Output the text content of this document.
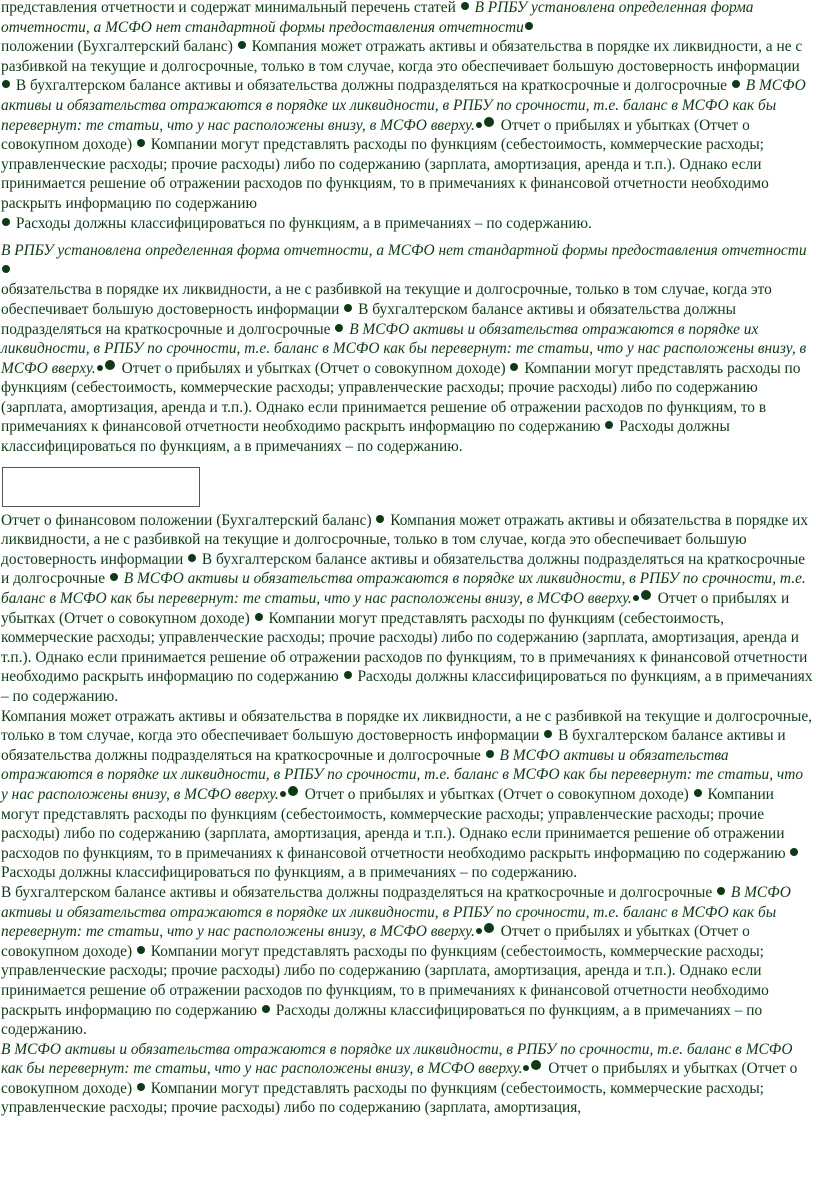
представления отчетности и содержат минимальный перечень статей  В РПБУ установлена определенная форма отчетности, а МСФО нет стандартной формы предоставления отчетности
положении (Бухгалтерский баланс)  Компания может отражать активы и обязательства в порядке их ликвидности, а не с разбивкой на текущие и долгосрочные, только в том случае, когда это обеспечивает большую достоверность информации  В бухгалтерском балансе активы и обязательства должны подразделяться на краткосрочные и долгосрочные  В МСФО активы и обязательства отражаются в порядке их ликвидности, в РПБУ по срочности, т.е. баланс в МСФО как бы перевернут: те статьи, что у нас расположены внизу, в МСФО вверху. Отчет о прибылях и убытках (Отчет о совокупном доходе)  Компании могут представлять расходы по функциям (себестоимость, коммерческие расходы; управленческие расходы; прочие расходы) либо по содержанию (зарплата, амортизация, аренда и т.п.). Однако если принимается решение об отражении расходов по функциям, то в примечаниях к финансовой отчетности необходимо раскрыть информацию по содержанию
Расходы должны классифицироваться по функциям, а в примечаниях – по содержанию.

В РПБУ установлена определенная форма отчетности, а МСФО нет стандартной формы предоставления отчетности
обязательства в порядке их ликвидности, а не с разбивкой на текущие и долгосрочные, только в том случае, когда это обеспечивает большую достоверность информации  В бухгалтерском балансе активы и обязательства должны подразделяться на краткосрочные и долгосрочные  В МСФО активы и обязательства отражаются в порядке их ликвидности, в РПБУ по срочности, т.е. баланс в МСФО как бы перевернут: те статьи, что у нас расположены внизу, в МСФО вверху. Отчет о прибылях и убытках (Отчет о совокупном доходе)  Компании могут представлять расходы по функциям (себестоимость, коммерческие расходы; управленческие расходы; прочие расходы) либо по содержанию (зарплата, амортизация, аренда и т.п.). Однако если принимается решение об отражении расходов по функциям, то в примечаниях к финансовой отчетности необходимо раскрыть информацию по содержанию  Расходы должны классифицироваться по функциям, а в примечаниях – по содержанию.

Отчет о финансовом положении (Бухгалтерский баланс)  Компания может отражать активы и обязательства в порядке их ликвидности, а не с разбивкой на текущие и долгосрочные, только в том случае, когда это обеспечивает большую достоверность информации  В бухгалтерском балансе активы и обязательства должны подразделяться на краткосрочные и долгосрочные  В МСФО активы и обязательства отражаются в порядке их ликвидности, в РПБУ по срочности, т.е. баланс в МСФО как бы перевернут: те статьи, что у нас расположены внизу, в МСФО вверху. Отчет о прибылях и убытках (Отчет о совокупном доходе)  Компании могут представлять расходы по функциям (себестоимость, коммерческие расходы; управленческие расходы; прочие расходы) либо по содержанию (зарплата, амортизация, аренда и т.п.). Однако если принимается решение об отражении расходов по функциям, то в примечаниях к финансовой отчетности необходимо раскрыть информацию по содержанию  Расходы должны классифицироваться по функциям, а в примечаниях – по содержанию.

Компания может отражать активы и обязательства в порядке их ликвидности, а не с разбивкой на текущие и долгосрочные, только в том случае, когда это обеспечивает большую достоверность информации  В бухгалтерском балансе активы и обязательства должны подразделяться на краткосрочные и долгосрочные  В МСФО активы и обязательства отражаются в порядке их ликвидности, в РПБУ по срочности, т.е. баланс в МСФО как бы перевернут: те статьи, что у нас расположены внизу, в МСФО вверху. Отчет о прибылях и убытках (Отчет о совокупном доходе)  Компании могут представлять расходы по функциям (себестоимость, коммерческие расходы; управленческие расходы; прочие расходы) либо по содержанию (зарплата, амортизация, аренда и т.п.). Однако если принимается решение об отражении расходов по функциям, то в примечаниях к финансовой отчетности необходимо раскрыть информацию по содержанию  Расходы должны классифицироваться по функциям, а в примечаниях – по содержанию.

В бухгалтерском балансе активы и обязательства должны подразделяться на краткосрочные и долгосрочные  В МСФО активы и обязательства отражаются в порядке их ликвидности, в РПБУ по срочности, т.е. баланс в МСФО как бы перевернут: те статьи, что у нас расположены внизу, в МСФО вверху. Отчет о прибылях и убытках (Отчет о совокупном доходе)  Компании могут представлять расходы по функциям (себестоимость, коммерческие расходы; управленческие расходы; прочие расходы) либо по содержанию (зарплата, амортизация, аренда и т.п.). Однако если принимается решение об отражении расходов по функциям, то в примечаниях к финансовой отчетности необходимо раскрыть информацию по содержанию  Расходы должны классифицироваться по функциям, а в примечаниях – по содержанию.

В МСФО активы и обязательства отражаются в порядке их ликвидности, в РПБУ по срочности, т.е. баланс в МСФО как бы перевернут: те статьи, что у нас расположены внизу, в МСФО вверху. Отчет о прибылях и убытках (Отчет о совокупном доходе)  Компании могут представлять расходы по функциям (себестоимость, коммерческие расходы; управленческие расходы; прочие расходы) либо по содержанию (зарплата, амортизация,
